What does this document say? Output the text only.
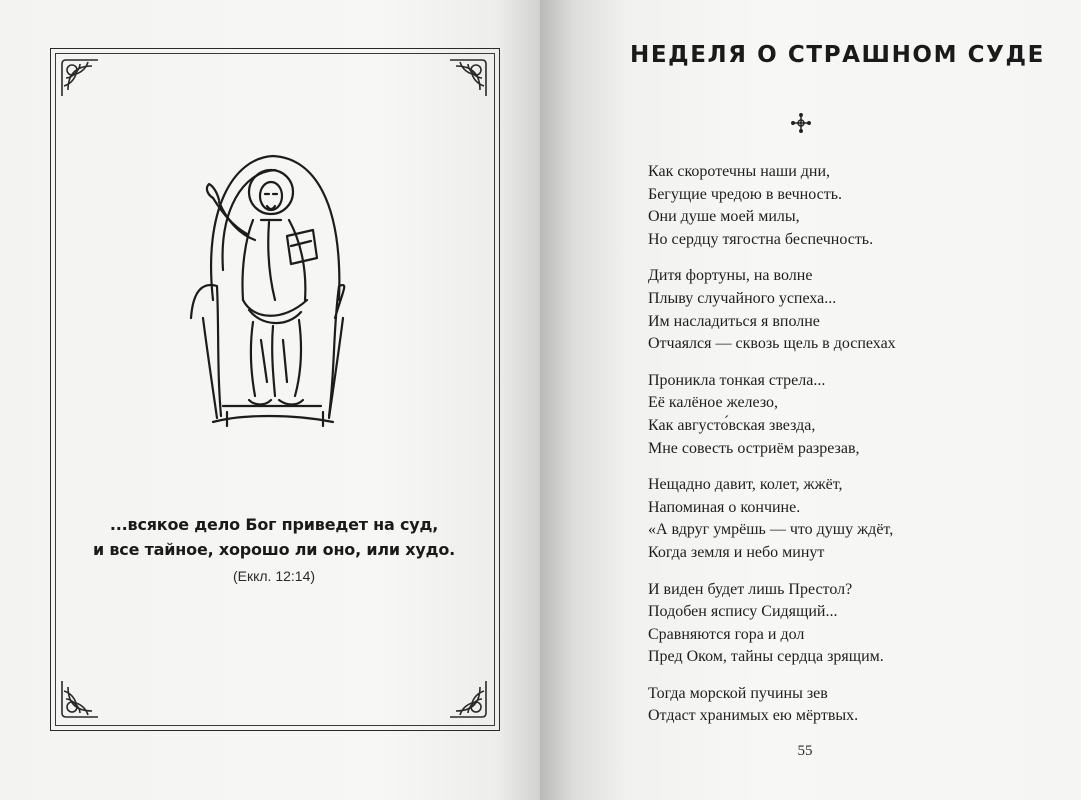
...всякое дело Бог приведет на суд,
и все тайное, хорошо ли оно, или худо.
(Еккл. 12:14)
НЕДЕЛЯ О СТРАШНОМ СУДЕ
Как скоротечны наши дни,
Бегущие чредою в вечность.
Они душе моей милы,
Но сердцу тягостна беспечность.
Дитя фортуны, на волне
Плыву случайного успеха...
Им насладиться я вполне
Отчаялся — сквозь щель в доспехах
Проникла тонкая стрела...
Её калёное железо,
Как августо́вская звезда,
Мне совесть остриём разрезав,
Нещадно давит, колет, жжёт,
Напоминая о кончине.
«А вдруг умрёшь — что душу ждёт,
Когда земля и небо минут
И виден будет лишь Престол?
Подобен яспису Сидящий...
Сравняются гора и дол
Пред Оком, тайны сердца зрящим.
Тогда морской пучины зев
Отдаст хранимых ею мёртвых.
55
